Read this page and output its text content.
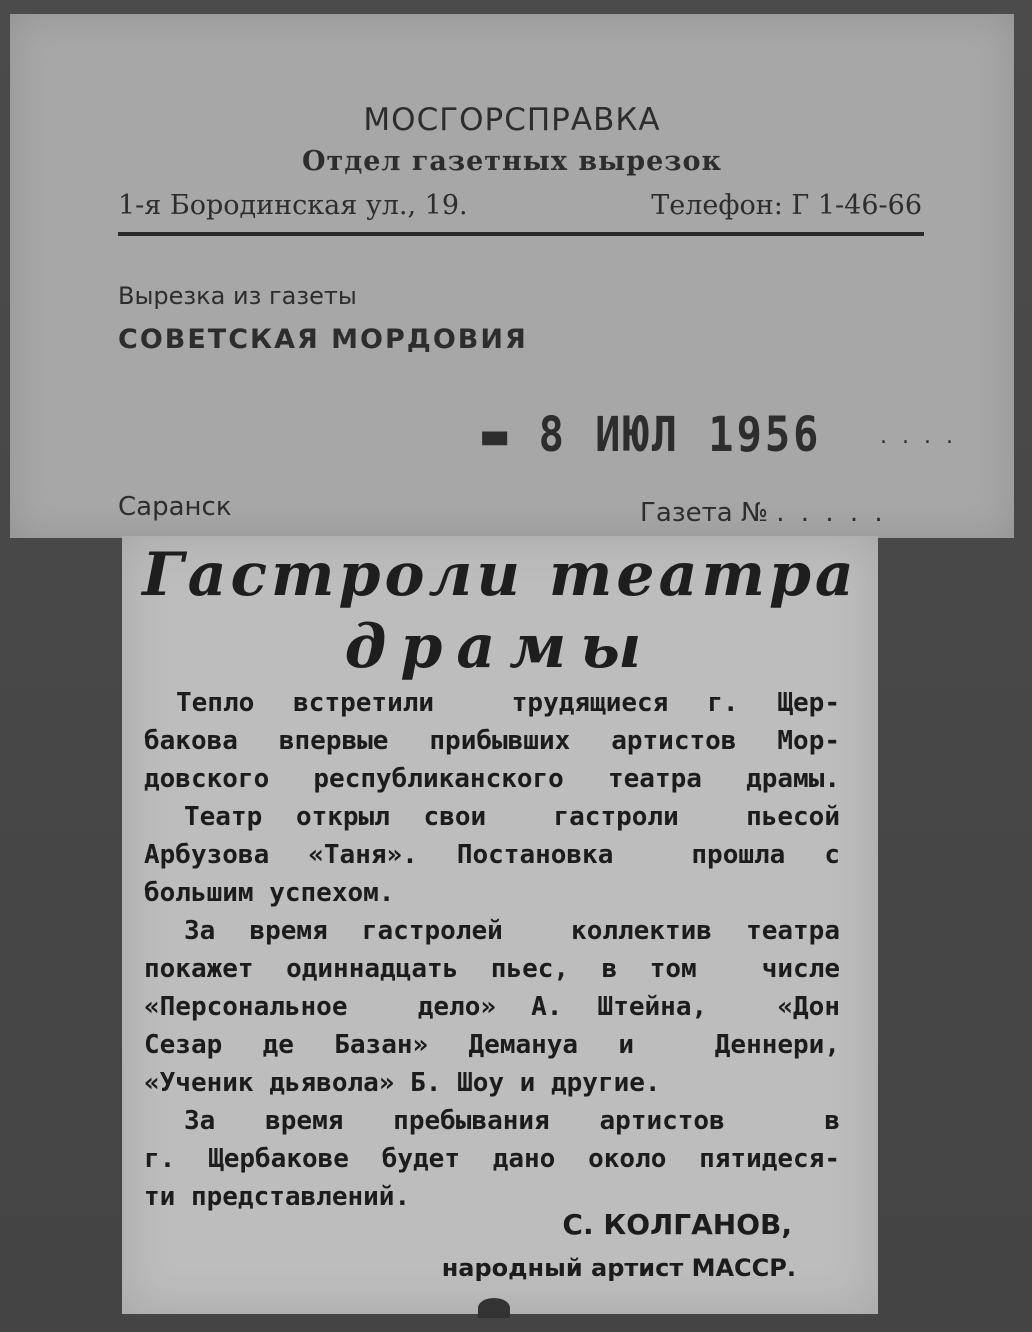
МОСГОРСПРАВКА
Отдел газетных вырезок
1-я Бородинская ул., 19.	Телефон: Г 1-46-66
Вырезка из газеты
СОВЕТСКАЯ МОРДОВИЯ
▬ 8 ИЮЛ 1956	. . . .
Саранск	Газета № . . . . .
Гастроли театра
драмы
Тепло встретили  трудящиеся г. Щер-
бакова впервые прибывших артистов Мор-
довского республиканского театра драмы.
Театр открыл свои  гастроли  пьесой
Арбузова «Таня». Постановка  прошла с
большим успехом.
За время гастролей  коллектив театра
покажет одиннадцать пьес, в том  числе
«Персональное  дело» А. Штейна,  «Дон
Сезар де Базан» Демануа и  Деннери,
«Ученик дьявола» Б. Шоу и другие.
За время пребывания артистов  в
г. Щербакове будет дано около пятидеся-
ти представлений.
С. КОЛГАНОВ,
народный артист МАССР.
